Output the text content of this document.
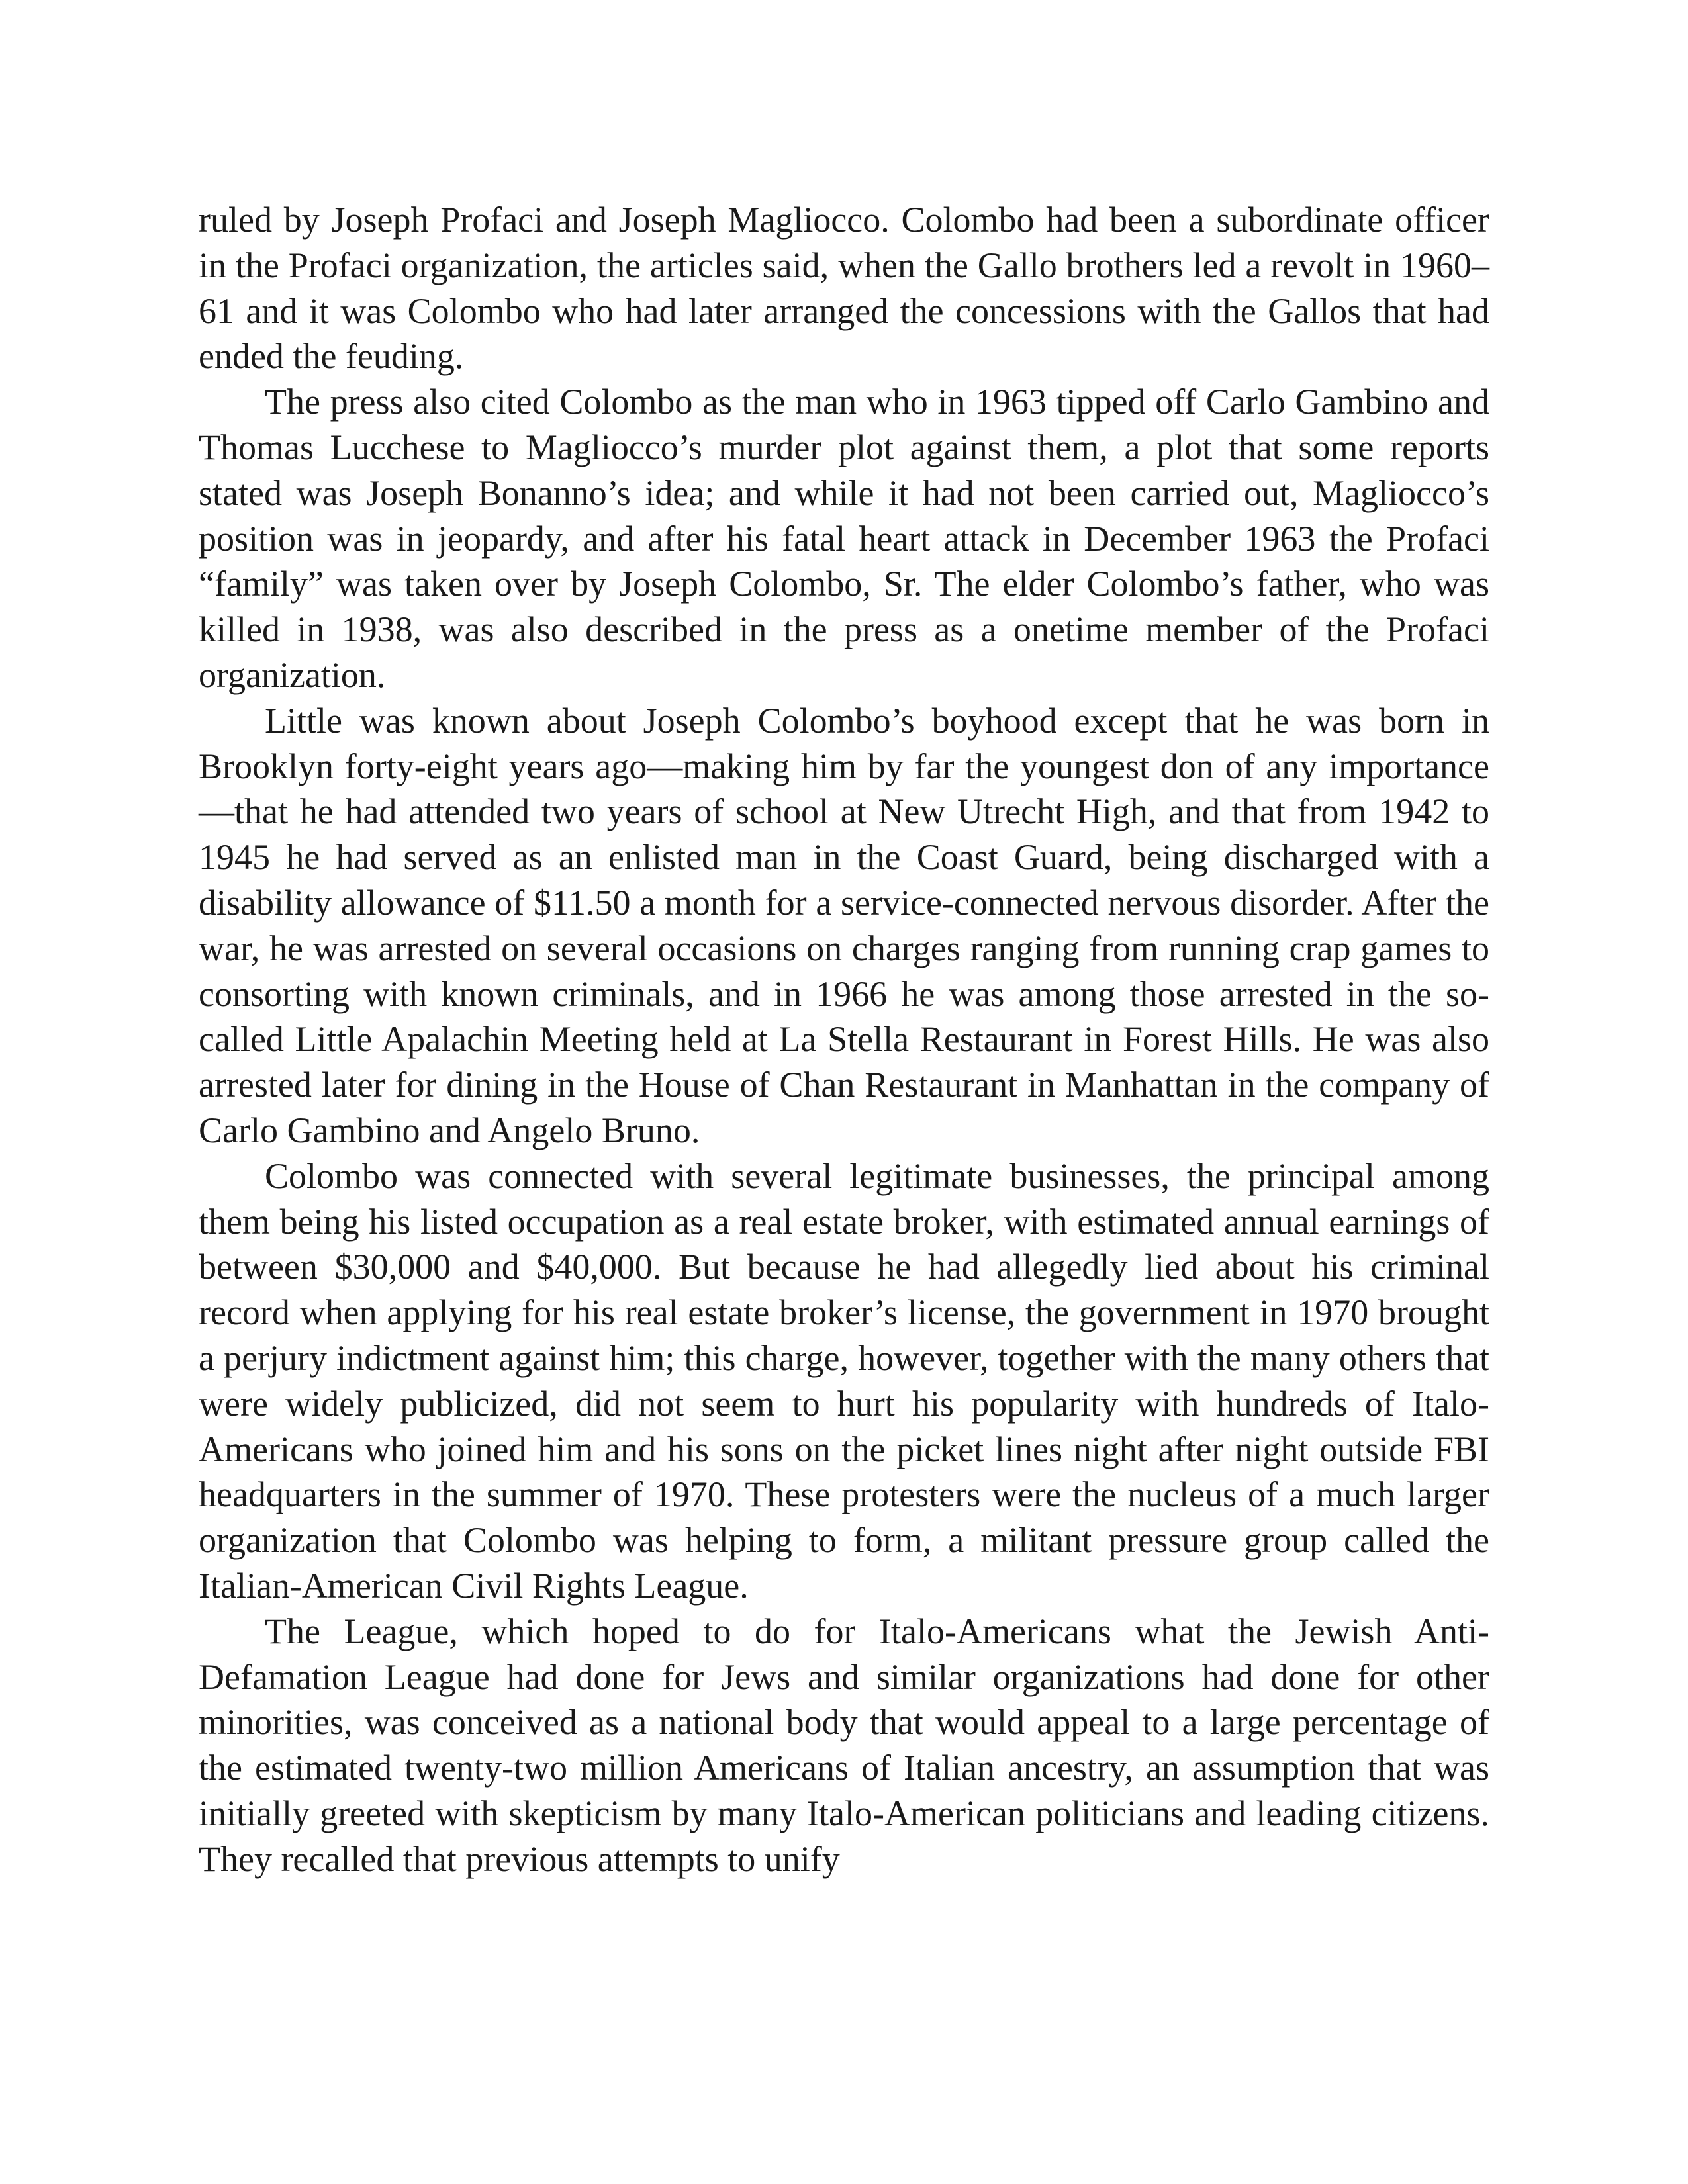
ruled by Joseph Profaci and Joseph Magliocco. Colombo had been a subordinate officer in the Profaci organization, the articles said, when the Gallo brothers led a revolt in 1960–61 and it was Colombo who had later arranged the concessions with the Gallos that had ended the feuding.

The press also cited Colombo as the man who in 1963 tipped off Carlo Gambino and Thomas Lucchese to Magliocco’s murder plot against them, a plot that some reports stated was Joseph Bonanno’s idea; and while it had not been carried out, Magliocco’s position was in jeopardy, and after his fatal heart attack in December 1963 the Profaci “family” was taken over by Joseph Colombo, Sr. The elder Colombo’s father, who was killed in 1938, was also described in the press as a onetime member of the Profaci organization.

Little was known about Joseph Colombo’s boyhood except that he was born in Brooklyn forty-eight years ago—making him by far the youngest don of any importance—that he had attended two years of school at New Utrecht High, and that from 1942 to 1945 he had served as an enlisted man in the Coast Guard, being discharged with a disability allowance of $11.50 a month for a service-connected nervous disorder. After the war, he was arrested on several occasions on charges ranging from running crap games to consorting with known criminals, and in 1966 he was among those arrested in the so-called Little Apalachin Meeting held at La Stella Restaurant in Forest Hills. He was also arrested later for dining in the House of Chan Restaurant in Manhattan in the company of Carlo Gambino and Angelo Bruno.

Colombo was connected with several legitimate businesses, the principal among them being his listed occupation as a real estate broker, with estimated annual earnings of between $30,000 and $40,000. But because he had allegedly lied about his criminal record when applying for his real estate broker’s license, the government in 1970 brought a perjury indictment against him; this charge, however, together with the many others that were widely publicized, did not seem to hurt his popularity with hundreds of Italo-Americans who joined him and his sons on the picket lines night after night outside FBI headquarters in the summer of 1970. These protesters were the nucleus of a much larger organization that Colombo was helping to form, a militant pressure group called the Italian-American Civil Rights League.

The League, which hoped to do for Italo-Americans what the Jewish Anti-Defamation League had done for Jews and similar organizations had done for other minorities, was conceived as a national body that would appeal to a large percentage of the estimated twenty-two million Americans of Italian ancestry, an assumption that was initially greeted with skepticism by many Italo-American politicians and leading citizens. They recalled that previous attempts to unify
